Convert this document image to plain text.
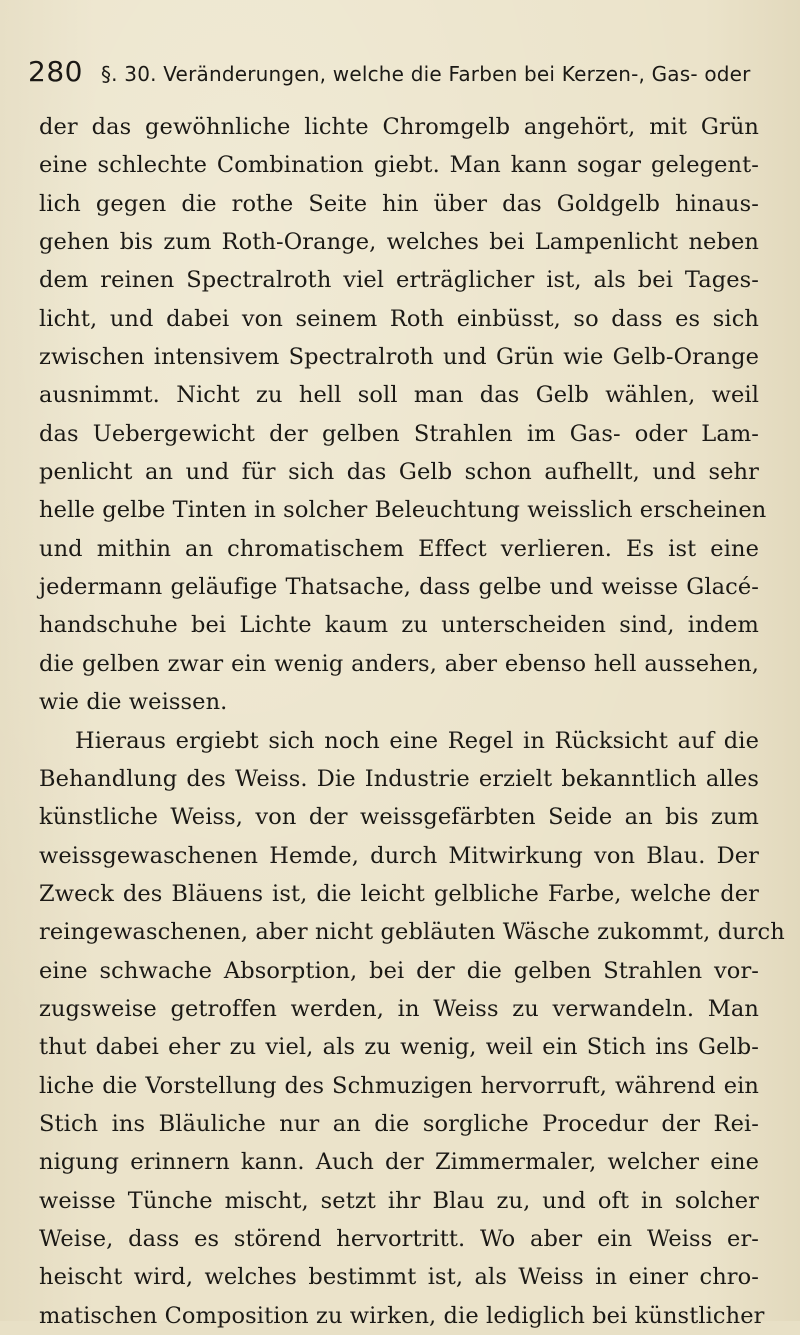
280 §. 30. Veränderungen, welche die Farben bei Kerzen-, Gas- oder
der das gewöhnliche lichte Chromgelb angehört, mit Grün
eine schlechte Combination giebt. Man kann sogar gelegent-
lich gegen die rothe Seite hin über das Goldgelb hinaus-
gehen bis zum Roth-Orange, welches bei Lampenlicht neben
dem reinen Spectralroth viel erträglicher ist, als bei Tages-
licht, und dabei von seinem Roth einbüsst, so dass es sich
zwischen intensivem Spectralroth und Grün wie Gelb-Orange
ausnimmt. Nicht zu hell soll man das Gelb wählen, weil
das Uebergewicht der gelben Strahlen im Gas- oder Lam-
penlicht an und für sich das Gelb schon aufhellt, und sehr
helle gelbe Tinten in solcher Beleuchtung weisslich erscheinen
und mithin an chromatischem Effect verlieren. Es ist eine
jedermann geläufige Thatsache, dass gelbe und weisse Glacé-
handschuhe bei Lichte kaum zu unterscheiden sind, indem
die gelben zwar ein wenig anders, aber ebenso hell aussehen,
wie die weissen.
Hieraus ergiebt sich noch eine Regel in Rücksicht auf die
Behandlung des Weiss. Die Industrie erzielt bekanntlich alles
künstliche Weiss, von der weissgefärbten Seide an bis zum
weissgewaschenen Hemde, durch Mitwirkung von Blau. Der
Zweck des Bläuens ist, die leicht gelbliche Farbe, welche der
reingewaschenen, aber nicht gebläuten Wäsche zukommt, durch
eine schwache Absorption, bei der die gelben Strahlen vor-
zugsweise getroffen werden, in Weiss zu verwandeln. Man
thut dabei eher zu viel, als zu wenig, weil ein Stich ins Gelb-
liche die Vorstellung des Schmuzigen hervorruft, während ein
Stich ins Bläuliche nur an die sorgliche Procedur der Rei-
nigung erinnern kann. Auch der Zimmermaler, welcher eine
weisse Tünche mischt, setzt ihr Blau zu, und oft in solcher
Weise, dass es störend hervortritt. Wo aber ein Weiss er-
heischt wird, welches bestimmt ist, als Weiss in einer chro-
matischen Composition zu wirken, die lediglich bei künstlicher
